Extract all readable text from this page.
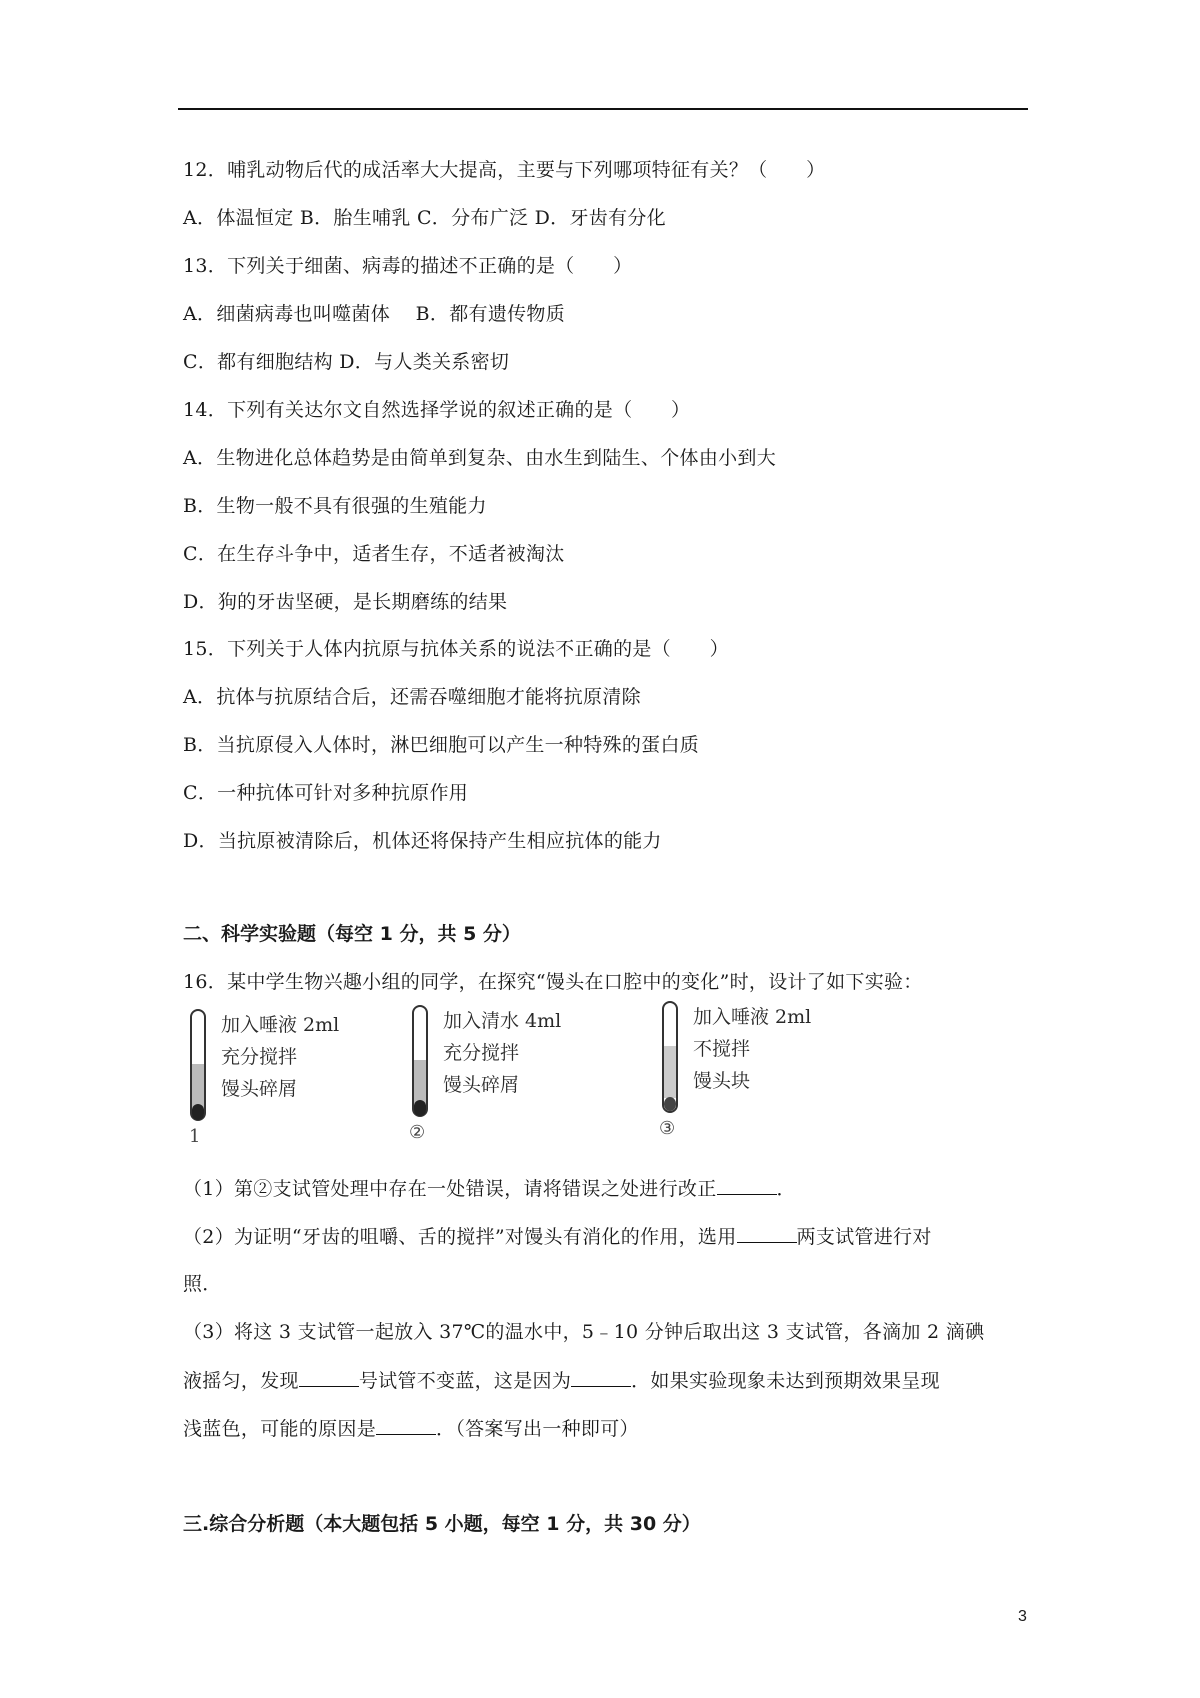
12．哺乳动物后代的成活率大大提高，主要与下列哪项特征有关？（　　）
A．体温恒定 B．胎生哺乳 C．分布广泛 D．牙齿有分化
13．下列关于细菌、病毒的描述不正确的是（　　）
A．细菌病毒也叫噬菌体　 B．都有遗传物质
C．都有细胞结构 D．与人类关系密切
14．下列有关达尔文自然选择学说的叙述正确的是（　　）
A．生物进化总体趋势是由简单到复杂、由水生到陆生、个体由小到大
B．生物一般不具有很强的生殖能力
C．在生存斗争中，适者生存，不适者被淘汰
D．狗的牙齿坚硬，是长期磨练的结果
15．下列关于人体内抗原与抗体关系的说法不正确的是（　　）
A．抗体与抗原结合后，还需吞噬细胞才能将抗原清除
B．当抗原侵入人体时，淋巴细胞可以产生一种特殊的蛋白质
C．一种抗体可针对多种抗原作用
D．当抗原被清除后，机体还将保持产生相应抗体的能力
二、科学实验题（每空 1 分，共 5 分）
16．某中学生物兴趣小组的同学，在探究“馒头在口腔中的变化”时，设计了如下实验：
1
加入唾液 2ml
充分搅拌
馒头碎屑
②
加入清水 4ml
充分搅拌
馒头碎屑
③
加入唾液 2ml
不搅拌
馒头块
（1）第②支试管处理中存在一处错误，请将错误之处进行改正	．
（2）为证明“牙齿的咀嚼、舌的搅拌”对馒头有消化的作用，选用	两支试管进行对
照．
（3）将这 3 支试管一起放入 37℃的温水中，5﹣10 分钟后取出这 3 支试管，各滴加 2 滴碘
液摇匀，发现	号试管不变蓝，这是因为	．如果实验现象未达到预期效果呈现
浅蓝色，可能的原因是	．（答案写出一种即可）
三.综合分析题（本大题包括 5 小题，每空 1 分，共 30 分）
3
